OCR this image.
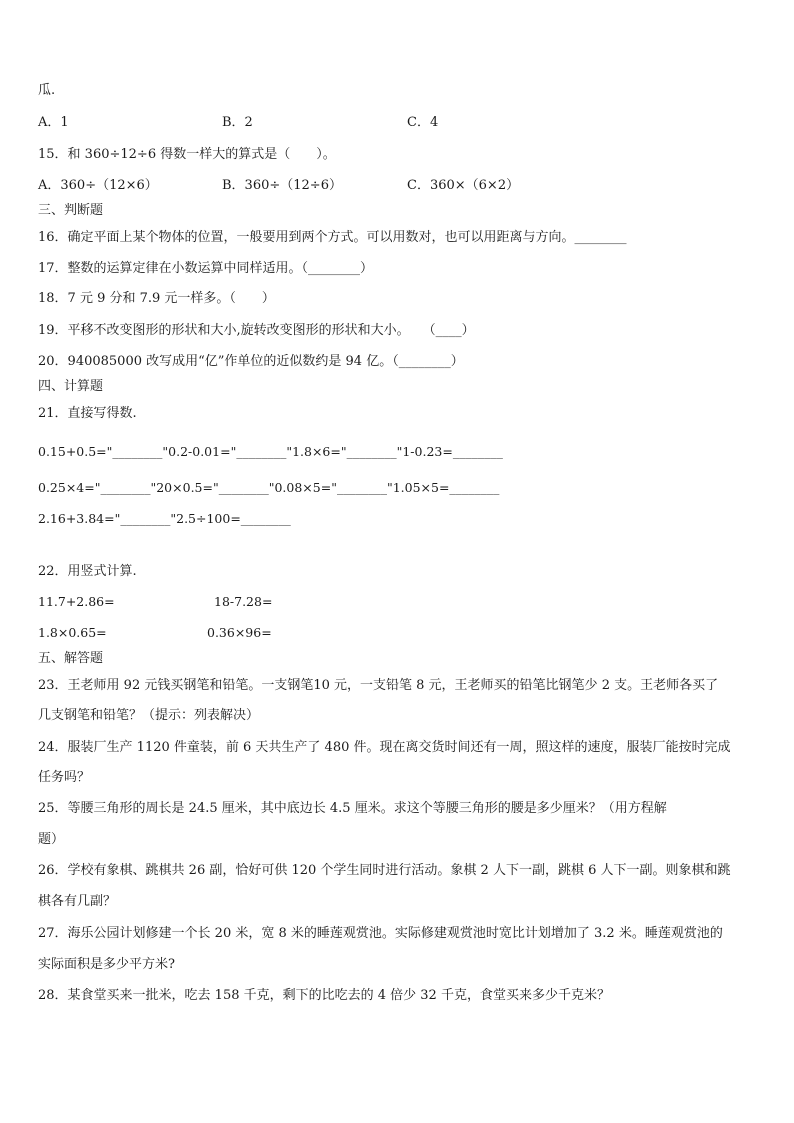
瓜.
A．1	B．2	C．4
15．和 360÷12÷6 得数一样大的算式是（　　）。
A．360÷（12×6）	B．360÷（12÷6）	C．360×（6×2）
三、判断题
16．确定平面上某个物体的位置，一般要用到两个方式。可以用数对，也可以用距离与方向。________
17．整数的运算定律在小数运算中同样适用。（________）
18．7 元 9 分和 7.9 元一样多。（　　）
19．平移不改变图形的形状和大小,旋转改变图形的形状和大小。　　（____）
20．940085000 改写成用“亿”作单位的近似数约是 94 亿。（________）
四、计算题
21．直接写得数.
0.15+0.5="________"0.2-0.01="________"1.8×6="________"1-0.23=________
0.25×4="________"20×0.5="________"0.08×5="________"1.05×5=________
2.16+3.84="________"2.5÷100=________
22．用竖式计算.
11.7+2.86=	18-7.28=
1.8×0.65=	0.36×96=
五、解答题
23．王老师用 92 元钱买钢笔和铅笔。一支钢笔10 元，一支铅笔 8 元，王老师买的铅笔比钢笔少 2 支。王老师各买了
几支钢笔和铅笔？（提示：列表解决）
24．服装厂生产 1120 件童装，前 6 天共生产了 480 件。现在离交货时间还有一周，照这样的速度，服装厂能按时完成
任务吗？
25．等腰三角形的周长是 24.5 厘米，其中底边长 4.5 厘米。求这个等腰三角形的腰是多少厘米？（用方程解
题）
26．学校有象棋、跳棋共 26 副，恰好可供 120 个学生同时进行活动。象棋 2 人下一副，跳棋 6 人下一副。则象棋和跳
棋各有几副？
27．海乐公园计划修建一个长 20 米，宽 8 米的睡莲观赏池。实际修建观赏池时宽比计划增加了 3.2 米。睡莲观赏池的
实际面积是多少平方米?
28．某食堂买来一批米，吃去 158 千克，剩下的比吃去的 4 倍少 32 千克，食堂买来多少千克米？
